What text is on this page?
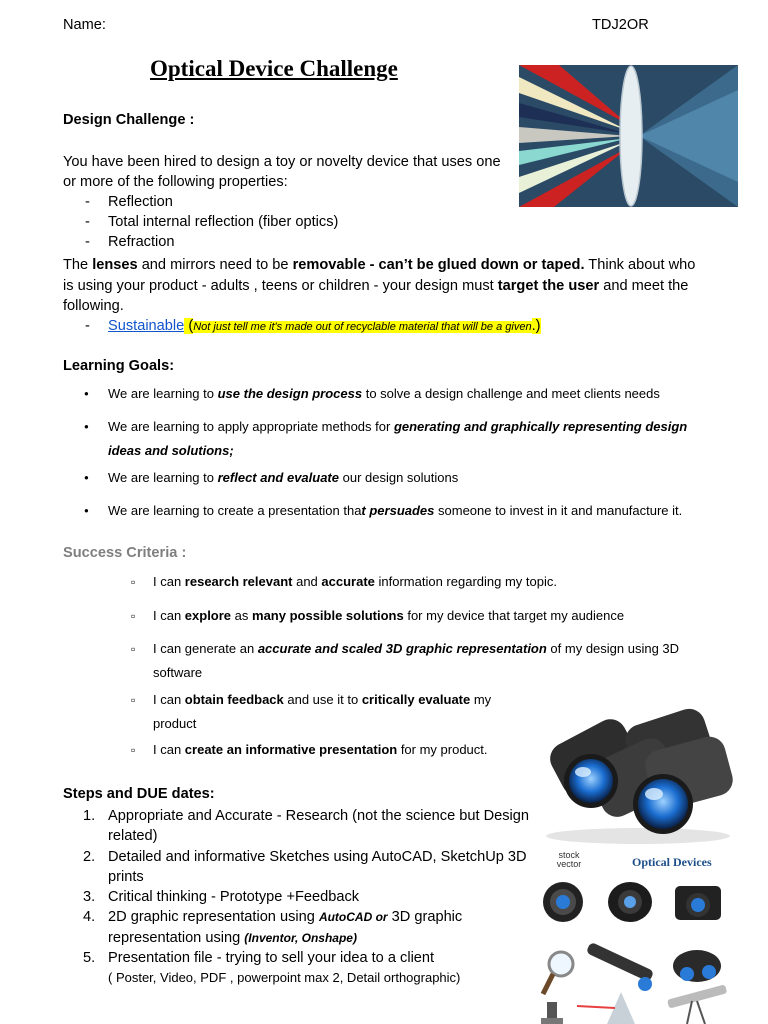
Name:	TDJ2OR
Optical Device Challenge
Design Challenge :
You have been hired to design a toy or novelty device that uses one or more of the following properties:
- Reflection
- Total internal reflection (fiber optics)
- Refraction
The lenses and mirrors need to be removable - can’t be glued down or taped. Think about who is using your product - adults , teens or children - your design must target the user and meet the following.
- Sustainable (Not just tell me it's made out of recyclable material that will be a given.)
Learning Goals:
● We are learning to use the design process to solve a design challenge and meet clients needs
● We are learning to apply appropriate methods for generating and graphically representing design ideas and solutions;
● We are learning to reflect and evaluate our design solutions
● We are learning to create a presentation that persuades someone to invest in it and manufacture it.
Success Criteria :
▫ I can research relevant and accurate information regarding my topic.
▫ I can explore as many possible solutions for my device that target my audience
▫ I can generate an accurate and scaled 3D graphic representation of my design using 3D software
▫ I can obtain feedback and use it to critically evaluate my product
▫ I can create an informative presentation for my product.
stock vector	Optical Devices
Steps and DUE dates:
1. Appropriate and Accurate - Research (not the science but Design related)
2. Detailed and informative Sketches using AutoCAD, SketchUp 3D prints
3. Critical thinking - Prototype +Feedback
4. 2D graphic representation using AutoCAD or 3D graphic representation using (Inventor, Onshape)
5. Presentation file - trying to sell your idea to a client
( Poster, Video, PDF , powerpoint max 2, Detail orthographic)
